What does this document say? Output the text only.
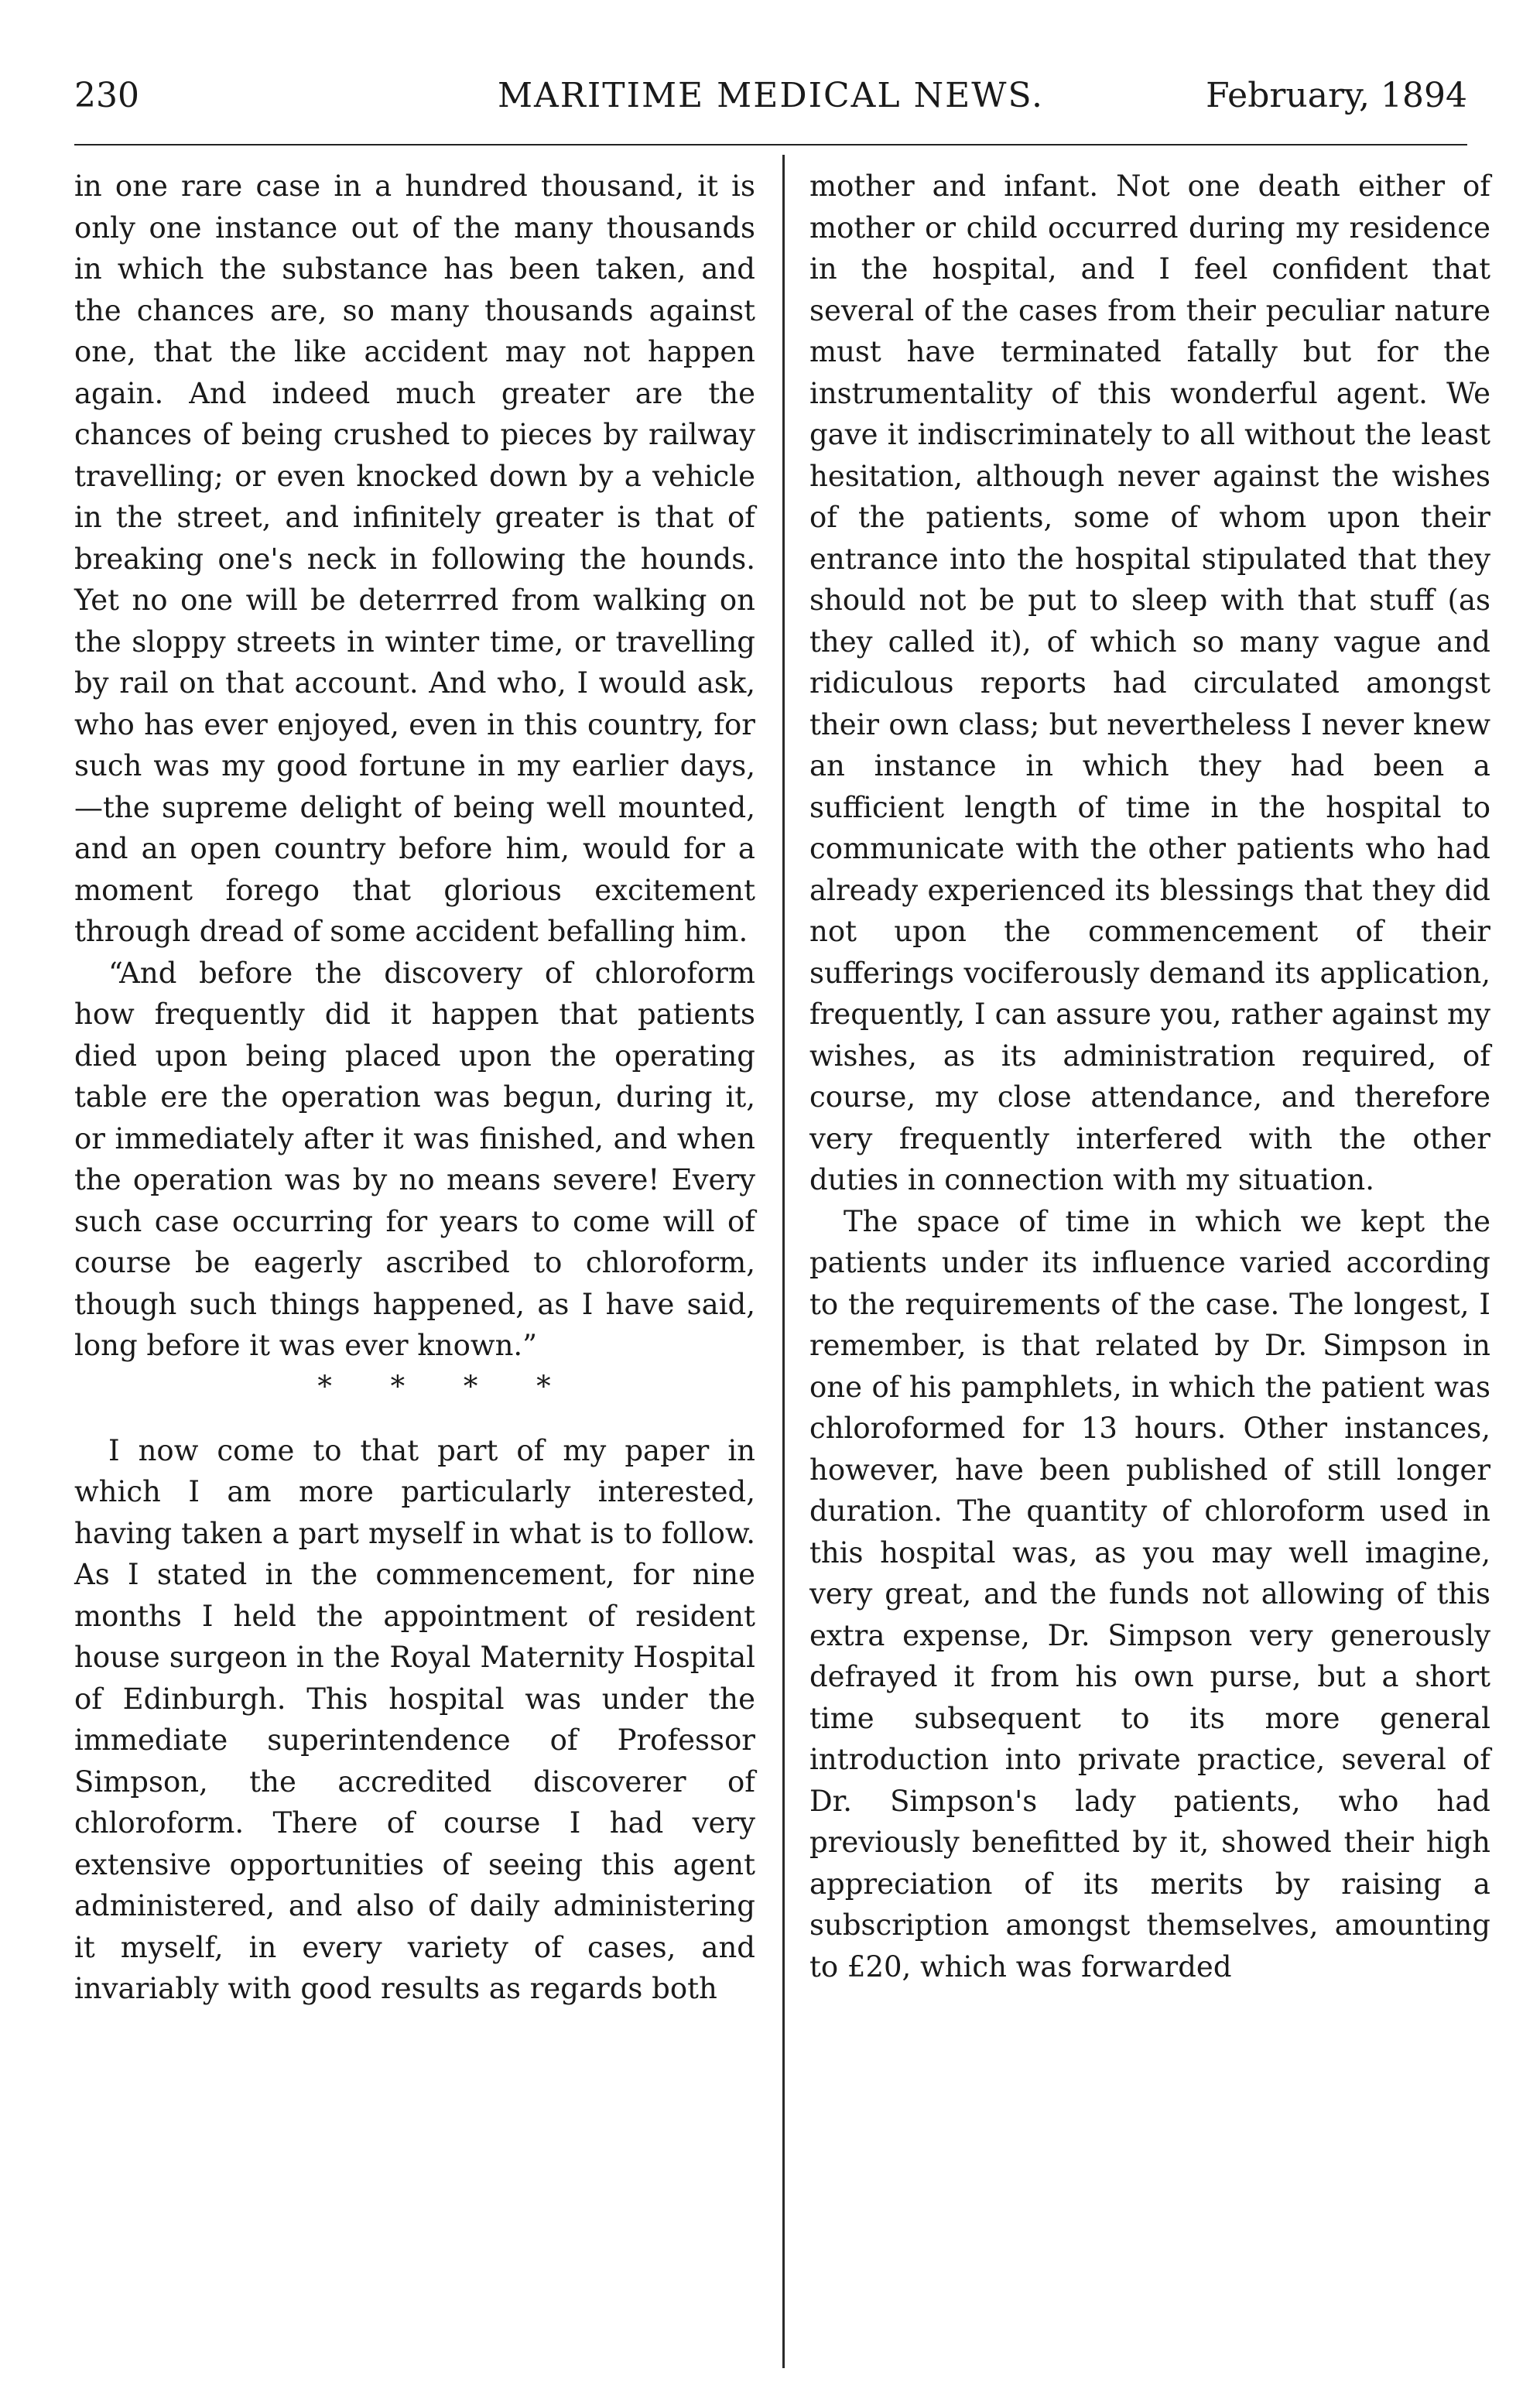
MARITIME MEDICAL NEWS.
230	February, 1894

in one rare case in a hundred thousand, it is only one instance out of the many thousands in which the substance has been taken, and the chances are, so many thousands against one, that the like accident may not happen again. And indeed much greater are the chances of being crushed to pieces by railway travelling; or even knocked down by a vehicle in the street, and infinitely greater is that of breaking one's neck in following the hounds. Yet no one will be deterrred from walking on the sloppy streets in winter time, or travelling by rail on that account. And who, I would ask, who has ever enjoyed, even in this country, for such was my good fortune in my earlier days,—the supreme delight of being well mounted, and an open country before him, would for a moment forego that glorious excitement through dread of some accident befalling him.

“And before the discovery of chloroform how frequently did it happen that patients died upon being placed upon the operating table ere the operation was begun, during it, or immediately after it was finished, and when the operation was by no means severe! Every such case occurring for years to come will of course be eagerly ascribed to chloroform, though such things happened, as I have said, long before it was ever known.”

* * * *

I now come to that part of my paper in which I am more particularly interested, having taken a part myself in what is to follow. As I stated in the commencement, for nine months I held the appointment of resident house surgeon in the Royal Maternity Hospital of Edinburgh. This hospital was under the immediate superintendence of Professor Simpson, the accredited discoverer of chloroform. There of course I had very extensive opportunities of seeing this agent administered, and also of daily administering it myself, in every variety of cases, and invariably with good results as regards both

mother and infant. Not one death either of mother or child occurred during my residence in the hospital, and I feel confident that several of the cases from their peculiar nature must have terminated fatally but for the instrumentality of this wonderful agent. We gave it indiscriminately to all without the least hesitation, although never against the wishes of the patients, some of whom upon their entrance into the hospital stipulated that they should not be put to sleep with that stuff (as they called it), of which so many vague and ridiculous reports had circulated amongst their own class; but nevertheless I never knew an instance in which they had been a sufficient length of time in the hospital to communicate with the other patients who had already experienced its blessings that they did not upon the commencement of their sufferings vociferously demand its application, frequently, I can assure you, rather against my wishes, as its administration required, of course, my close attendance, and therefore very frequently interfered with the other duties in connection with my situation.

The space of time in which we kept the patients under its influence varied according to the requirements of the case. The longest, I remember, is that related by Dr. Simpson in one of his pamphlets, in which the patient was chloroformed for 13 hours. Other instances, however, have been published of still longer duration. The quantity of chloroform used in this hospital was, as you may well imagine, very great, and the funds not allowing of this extra expense, Dr. Simpson very generously defrayed it from his own purse, but a short time subsequent to its more general introduction into private practice, several of Dr. Simpson's lady patients, who had previously benefitted by it, showed their high appreciation of its merits by raising a subscription amongst themselves, amounting to £20, which was forwarded
